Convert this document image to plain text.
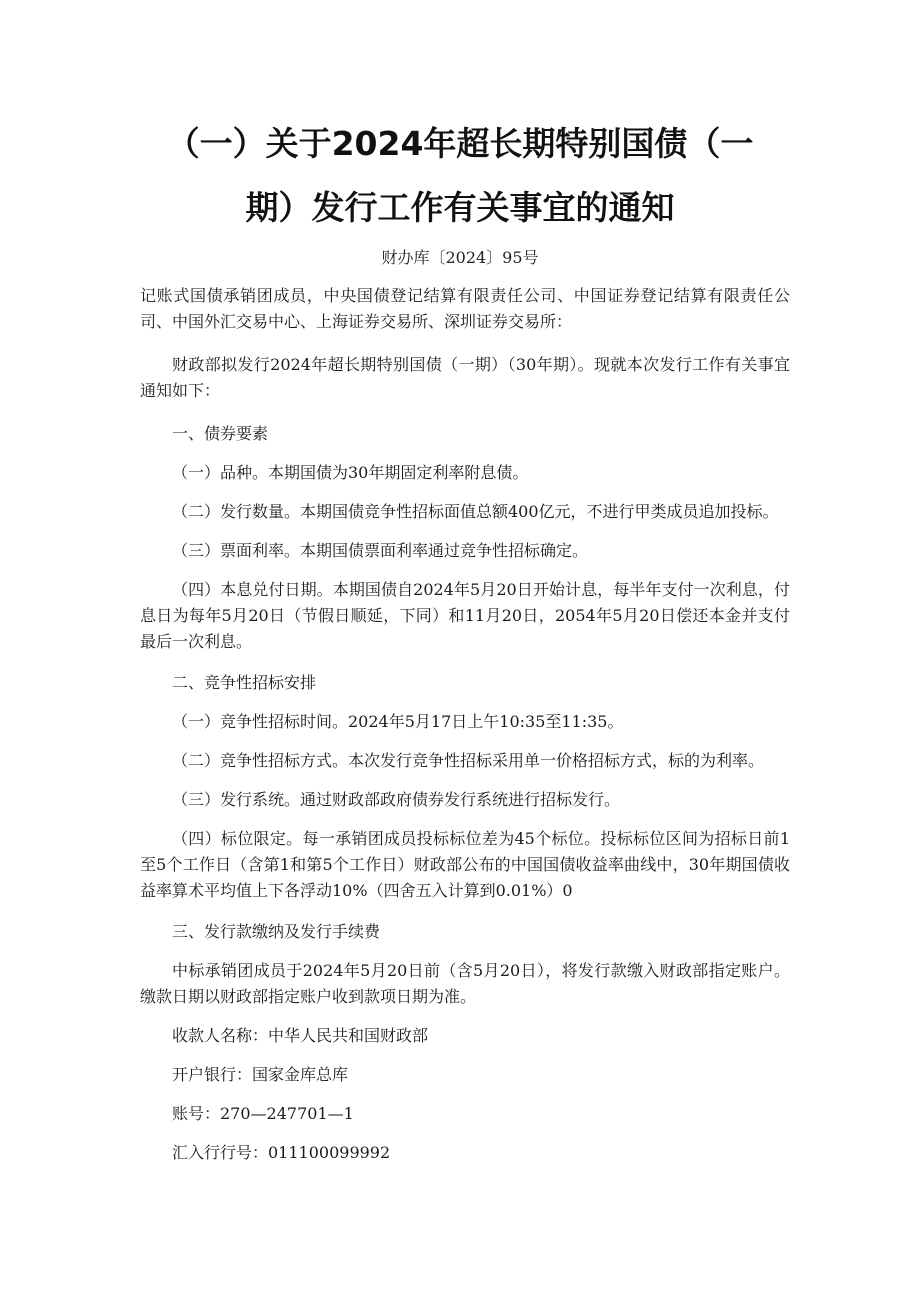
（一）关于2024年超长期特别国债（一
期）发行工作有关事宜的通知
财办库〔2024〕95号

记账式国债承销团成员，中央国债登记结算有限责任公司、中国证券登记结算有限责任公司、中国外汇交易中心、上海证券交易所、深圳证券交易所：

财政部拟发行2024年超长期特别国债（一期）（30年期）。现就本次发行工作有关事宜通知如下：

一、债券要素

（一）品种。本期国债为30年期固定利率附息债。

（二）发行数量。本期国债竞争性招标面值总额400亿元，不进行甲类成员追加投标。

（三）票面利率。本期国债票面利率通过竞争性招标确定。

（四）本息兑付日期。本期国债自2024年5月20日开始计息，每半年支付一次利息，付息日为每年5月20日（节假日顺延，下同）和11月20日，2054年5月20日偿还本金并支付最后一次利息。

二、竞争性招标安排

（一）竞争性招标时间。2024年5月17日上午10:35至11:35。

（二）竞争性招标方式。本次发行竞争性招标采用单一价格招标方式，标的为利率。

（三）发行系统。通过财政部政府债券发行系统进行招标发行。

（四）标位限定。每一承销团成员投标标位差为45个标位。投标标位区间为招标日前1至5个工作日（含第1和第5个工作日）财政部公布的中国国债收益率曲线中，30年期国债收益率算术平均值上下各浮动10%（四舍五入计算到0.01%）0

三、发行款缴纳及发行手续费

中标承销团成员于2024年5月20日前（含5月20日），将发行款缴入财政部指定账户。缴款日期以财政部指定账户收到款项日期为准。

收款人名称：中华人民共和国财政部

开户银行：国家金库总库

账号：270—247701—1

汇入行行号：011100099992
